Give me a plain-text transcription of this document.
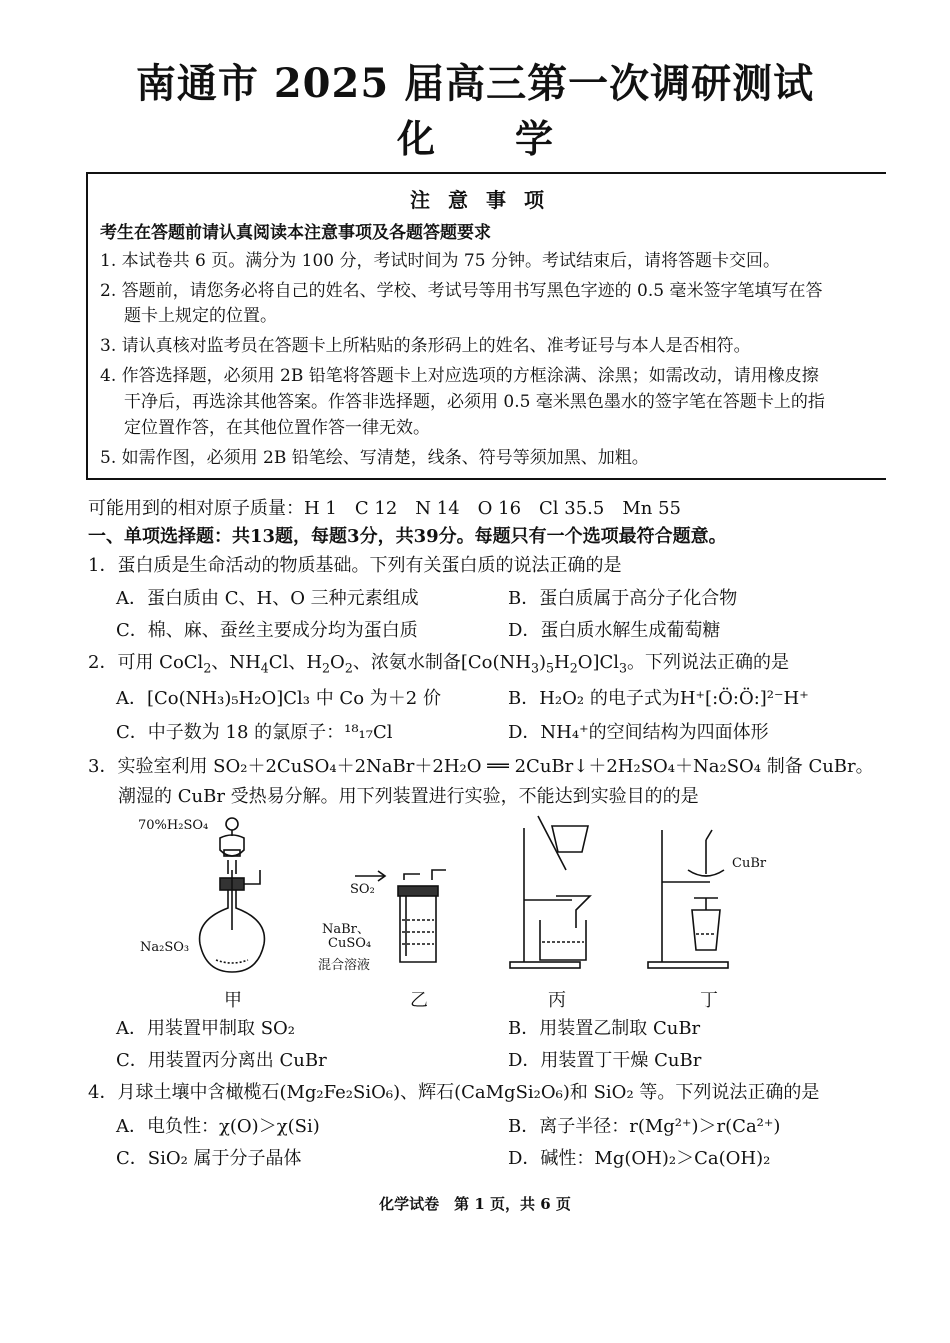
南通市 2025 届高三第一次调研测试
化学
注意事项
考生在答题前请认真阅读本注意事项及各题答题要求
1. 本试卷共 6 页。满分为 100 分，考试时间为 75 分钟。考试结束后，请将答题卡交回。
2. 答题前，请您务必将自己的姓名、学校、考试号等用书写黑色字迹的 0.5 毫米签字笔填写在答
题卡上规定的位置。
3. 请认真核对监考员在答题卡上所粘贴的条形码上的姓名、准考证号与本人是否相符。
4. 作答选择题，必须用 2B 铅笔将答题卡上对应选项的方框涂满、涂黑；如需改动，请用橡皮擦
干净后，再选涂其他答案。作答非选择题，必须用 0.5 毫米黑色墨水的签字笔在答题卡上的指
定位置作答，在其他位置作答一律无效。
5. 如需作图，必须用 2B 铅笔绘、写清楚，线条、符号等须加黑、加粗。
可能用到的相对原子质量：H 1　C 12　N 14　O 16　Cl 35.5　Mn 55
一、单项选择题：共13题，每题3分，共39分。每题只有一个选项最符合题意。
1．蛋白质是生命活动的物质基础。下列有关蛋白质的说法正确的是
A．蛋白质由 C、H、O 三种元素组成	B．蛋白质属于高分子化合物
C．棉、麻、蚕丝主要成分均为蛋白质	D．蛋白质水解生成葡萄糖
2．可用 CoCl$_2$、$NH_4Cl$、$H_2O_2$、浓氨水制备$[Co(NH_3)_5H_2O]Cl_3$。下列说法正确的是
A．[Co(NH₃)₅H₂O]Cl₃ 中 Co 为＋2 价	B．H₂O₂ 的电子式为H⁺[:Ö:Ö:]²⁻H⁺
C．中子数为 18 的氯原子：¹⁸₁₇Cl	D．NH₄⁺的空间结构为四面体形
3．实验室利用 SO₂＋2CuSO₄＋2NaBr＋2H₂O ══ 2CuBr↓＋2H₂SO₄＋Na₂SO₄ 制备 CuBr。
潮湿的 CuBr 受热易分解。用下列装置进行实验，不能达到实验目的的是
70%H₂SO₄
Na₂SO₃
SO₂
NaBr、
CuSO₄
混合溶液
CuBr
甲	乙	丙	丁
A．用装置甲制取 SO₂	B．用装置乙制取 CuBr
C．用装置丙分离出 CuBr	D．用装置丁干燥 CuBr
4．月球土壤中含橄榄石(Mg₂Fe₂SiO₆)、辉石(CaMgSi₂O₆)和 SiO₂ 等。下列说法正确的是
A．电负性：χ(O)＞χ(Si)	B．离子半径：r(Mg²⁺)＞r(Ca²⁺)
C．SiO₂ 属于分子晶体	D．碱性：Mg(OH)₂＞Ca(OH)₂
化学试卷　第 1 页，共 6 页
